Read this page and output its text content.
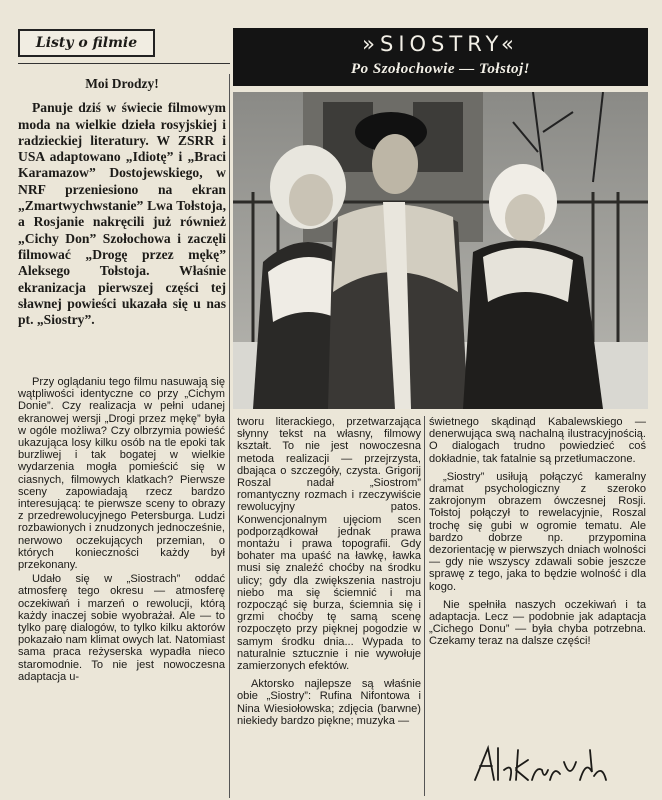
Listy o filmie	»SIOSTRY«
Po Szołochowie — Tołstoj!

Moi Drodzy!

Panuje dziś w świecie filmowym moda na wielkie dzieła rosyjskiej i radzieckiej literatury. W ZSRR i USA adaptowano „Idiotę” i „Braci Karamazow” Dostojewskiego, w NRF przeniesiono na ekran „Zmartwychwstanie” Lwa Tołstoja, a Rosjanie nakręcili już również „Cichy Don” Szołochowa i zaczęli filmować „Drogę przez mękę” Aleksego Tołstoja. Właśnie ekranizacja pierwszej części tej sławnej powieści ukazała się u nas pt. „Siostry”.

Przy oglądaniu tego filmu nasuwają się wątpliwości identyczne co przy „Cichym Donie”. Czy realizacja w pełni udanej ekranowej wersji „Drogi przez mękę” była w ogóle możliwa? Czy olbrzymia powieść ukazująca losy kilku osób na tle epoki tak burzliwej i tak bogatej w wielkie wydarzenia mogła pomieścić się w ciasnych, filmowych klatkach? Pierwsze sceny zapowiadają rzecz bardzo interesującą: te pierwsze sceny to obrazy z przedrewolucyjnego Petersburga. Ludzi rozbawionych i znudzonych jednocześnie, nerwowo oczekujących przemian, o których konieczności każdy był przekonany.

Udało się w „Siostrach” oddać atmosferę tego okresu — atmosferę oczekiwań i marzeń o rewolucji, którą każdy inaczej sobie wyobrażał. Ale — to tylko parę dialogów, to tylko kilku aktorów pokazało nam klimat owych lat. Natomiast sama praca reżyserska wypadła nieco staromodnie. To nie jest nowoczesna adaptacja u-

tworu literackiego, przetwarzająca słynny tekst na własny, filmowy kształt. To nie jest nowoczesna metoda realizacji — przejrzysta, dbająca o szczegóły, czysta. Grigorij Roszal nadał „Siostrom” romantyczny rozmach i rzeczywiście rewolucyjny patos. Konwencjonalnym ujęciom scen podporządkował jednak prawa montażu i prawa topografii. Gdy bohater ma upaść na ławkę, ławka musi się znaleźć choćby na środku ulicy; gdy dla zwiększenia nastroju niebo ma się ściemnić i ma rozpocząć się burza, ściemnia się i grzmi choćby tę samą scenę rozpoczęto przy pięknej pogodzie w samym środku dnia... Wypada to naturalnie sztucznie i nie wywołuje zamierzonych efektów.

Aktorsko najlepsze są właśnie obie „Siostry”: Rufina Nifontowa i Nina Wiesiołowska; zdjęcia (barwne) niekiedy bardzo piękne; muzyka —

świetnego skądinąd Kabalewskiego — denerwująca swą nachalną ilustracyjnością. O dialogach trudno powiedzieć coś dokładnie, tak fatalnie są przetłumaczone.

„Siostry” usiłują połączyć kameralny dramat psychologiczny z szeroko zakrojonym obrazem ówczesnej Rosji. Tołstoj połączył to rewelacyjnie, Roszal trochę się gubi w ogromie tematu. Ale bardzo dobrze np. przypomina dezorientację w pierwszych dniach wolności — gdy nie wszyscy zdawali sobie jeszcze sprawę z tego, jaka to będzie wolność i dla kogo.

Nie spełniła naszych oczekiwań i ta adaptacja. Lecz — podobnie jak adaptacja „Cichego Donu” — była chyba potrzebna. Czekamy teraz na dalsze części!
